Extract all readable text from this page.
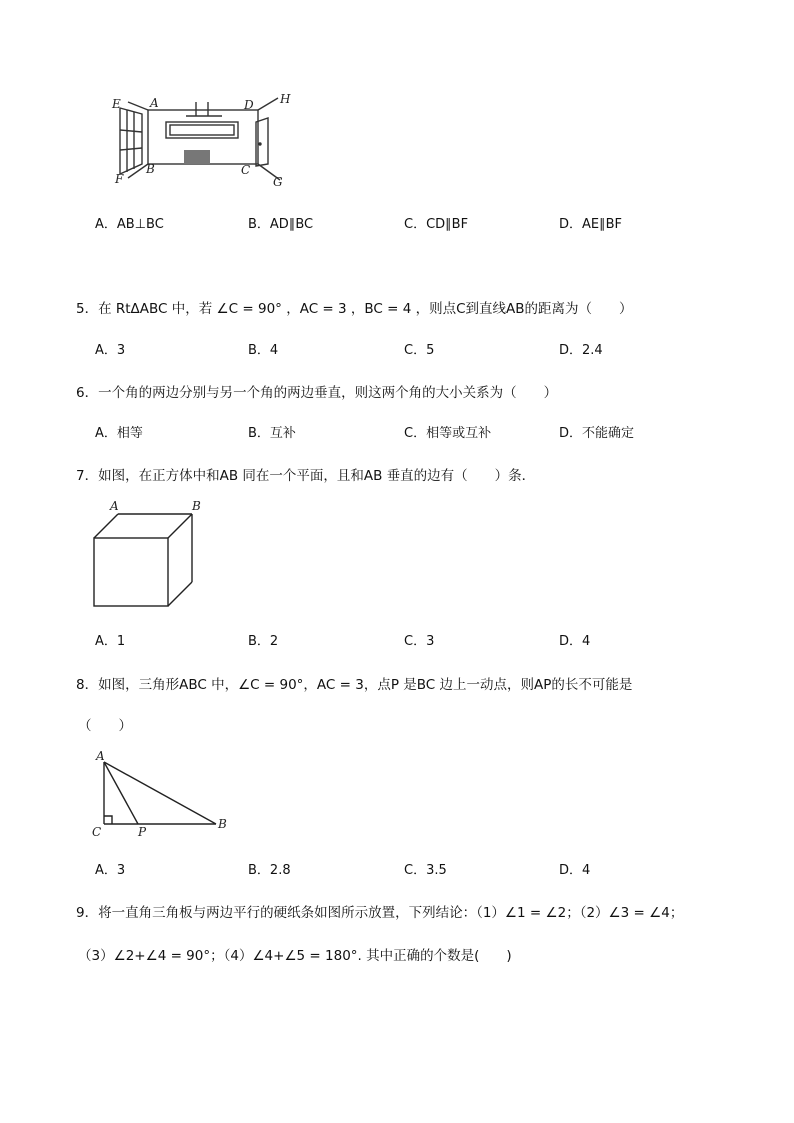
E A	D H
F
B	C
G
A．AB⊥BC	B．AD∥BC	C．CD∥BF	D．AE∥BF
5．在 RtΔABC 中，若 ∠C = 90° ，AC = 3 ，BC = 4 ，则点C到直线AB的距离为（　　）
A．3	B．4	C．5	D．2.4
6．一个角的两边分别与另一个角的两边垂直，则这两个角的大小关系为（　　）
A．相等	B．互补	C．相等或互补	D．不能确定
7．如图，在正方体中和AB 同在一个平面，且和AB 垂直的边有（　　）条．
A	B
A．1	B．2	C．3	D．4
8．如图，三角形ABC 中，∠C = 90°，AC = 3，点P 是BC 边上一动点，则AP的长不可能是
（　　）
A
C	P
B
A．3	B．2.8	C．3.5	D．4
9．将一直角三角板与两边平行的硬纸条如图所示放置，下列结论：（1）∠1 = ∠2；（2）∠3 = ∠4；
（3）∠2+∠4 = 90°；（4）∠4+∠5 = 180°. 其中正确的个数是(　　)
